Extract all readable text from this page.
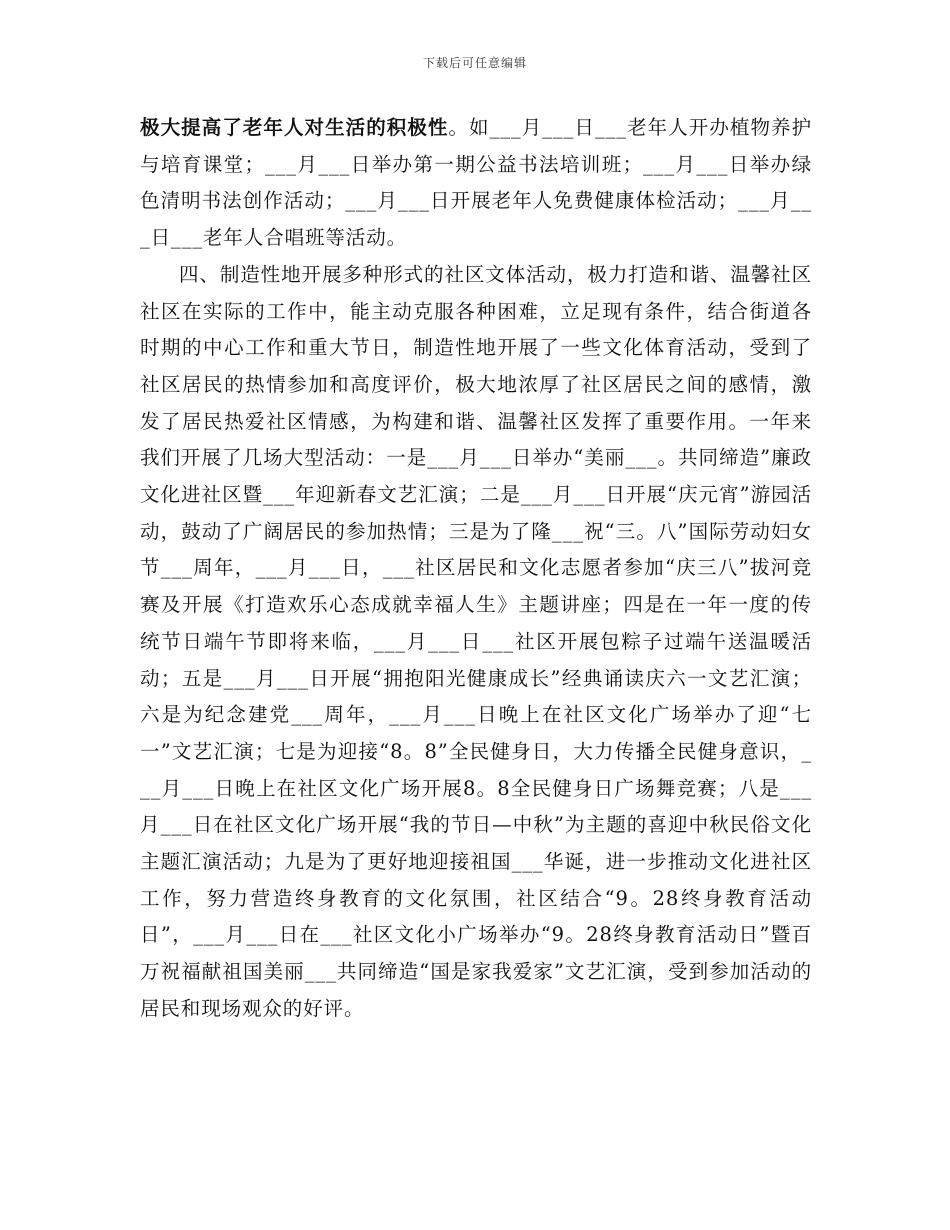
下载后可任意编辑

极大提高了老年人对生活的积极性。如___月___日___老年人开办植物养护与培育课堂；___月___日举办第一期公益书法培训班；___月___日举办绿色清明书法创作活动；___月___日开展老年人免费健康体检活动；___月___日___老年人合唱班等活动。

四、制造性地开展多种形式的社区文体活动，极力打造和谐、温馨社区社区在实际的工作中，能主动克服各种困难，立足现有条件，结合街道各时期的中心工作和重大节日，制造性地开展了一些文化体育活动，受到了社区居民的热情参加和高度评价，极大地浓厚了社区居民之间的感情，激发了居民热爱社区情感，为构建和谐、温馨社区发挥了重要作用。一年来我们开展了几场大型活动：一是___月___日举办“美丽___。共同缔造”廉政文化进社区暨___年迎新春文艺汇演；二是___月___日开展“庆元宵”游园活动，鼓动了广阔居民的参加热情；三是为了隆___祝“三。八”国际劳动妇女节___周年，___月___日，___社区居民和文化志愿者参加“庆三八”拔河竞赛及开展《打造欢乐心态成就幸福人生》主题讲座；四是在一年一度的传统节日端午节即将来临，___月___日___社区开展包粽子过端午送温暖活动；五是___月___日开展“拥抱阳光健康成长”经典诵读庆六一文艺汇演；六是为纪念建党___周年，___月___日晚上在社区文化广场举办了迎“七一”文艺汇演；七是为迎接“8。8”全民健身日，大力传播全民健身意识，___月___日晚上在社区文化广场开展8。8全民健身日广场舞竞赛；八是___月___日在社区文化广场开展“我的节日—中秋”为主题的喜迎中秋民俗文化主题汇演活动；九是为了更好地迎接祖国___华诞，进一步推动文化进社区工作，努力营造终身教育的文化氛围，社区结合“9。28终身教育活动日”，___月___日在___社区文化小广场举办“9。28终身教育活动日”暨百万祝福献祖国美丽___共同缔造“国是家我爱家”文艺汇演，受到参加活动的居民和现场观众的好评。
